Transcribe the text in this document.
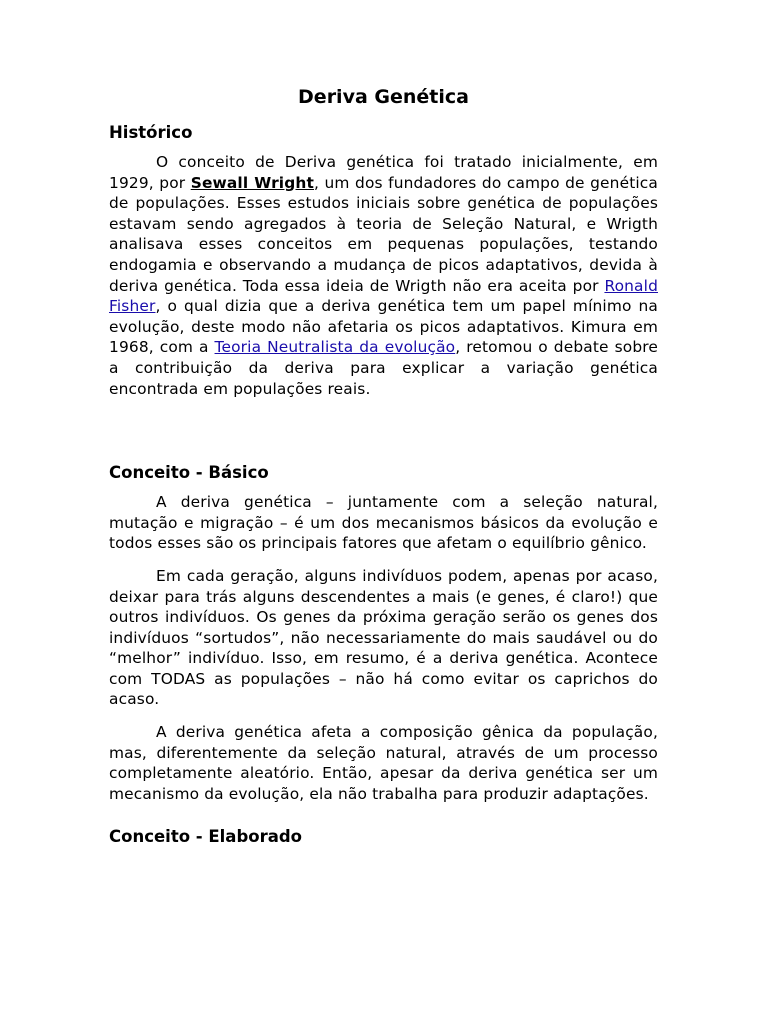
Deriva Genética
Histórico

O conceito de Deriva genética foi tratado inicialmente, em 1929, por Sewall Wright, um dos fundadores do campo de genética de populações. Esses estudos iniciais sobre genética de populações estavam sendo agregados à teoria de Seleção Natural, e Wrigth analisava esses conceitos em pequenas populações, testando endogamia e observando a mudança de picos adaptativos, devida à deriva genética. Toda essa ideia de Wrigth não era aceita por Ronald Fisher, o qual dizia que a deriva genética tem um papel mínimo na evolução, deste modo não afetaria os picos adaptativos. Kimura em 1968, com a Teoria Neutralista da evolução, retomou o debate sobre a contribuição da deriva para explicar a variação genética encontrada em populações reais.

Conceito - Básico

A deriva genética – juntamente com a seleção natural, mutação e migração – é um dos mecanismos básicos da evolução e todos esses são os principais fatores que afetam o equilíbrio gênico.

Em cada geração, alguns indivíduos podem, apenas por acaso, deixar para trás alguns descendentes a mais (e genes, é claro!) que outros indivíduos. Os genes da próxima geração serão os genes dos indivíduos “sortudos”, não necessariamente do mais saudável ou do “melhor” indivíduo. Isso, em resumo, é a deriva genética. Acontece com TODAS as populações – não há como evitar os caprichos do acaso.

A deriva genética afeta a composição gênica da população, mas, diferentemente da seleção natural, através de um processo completamente aleatório. Então, apesar da deriva genética ser um mecanismo da evolução, ela não trabalha para produzir adaptações.

Conceito - Elaborado
